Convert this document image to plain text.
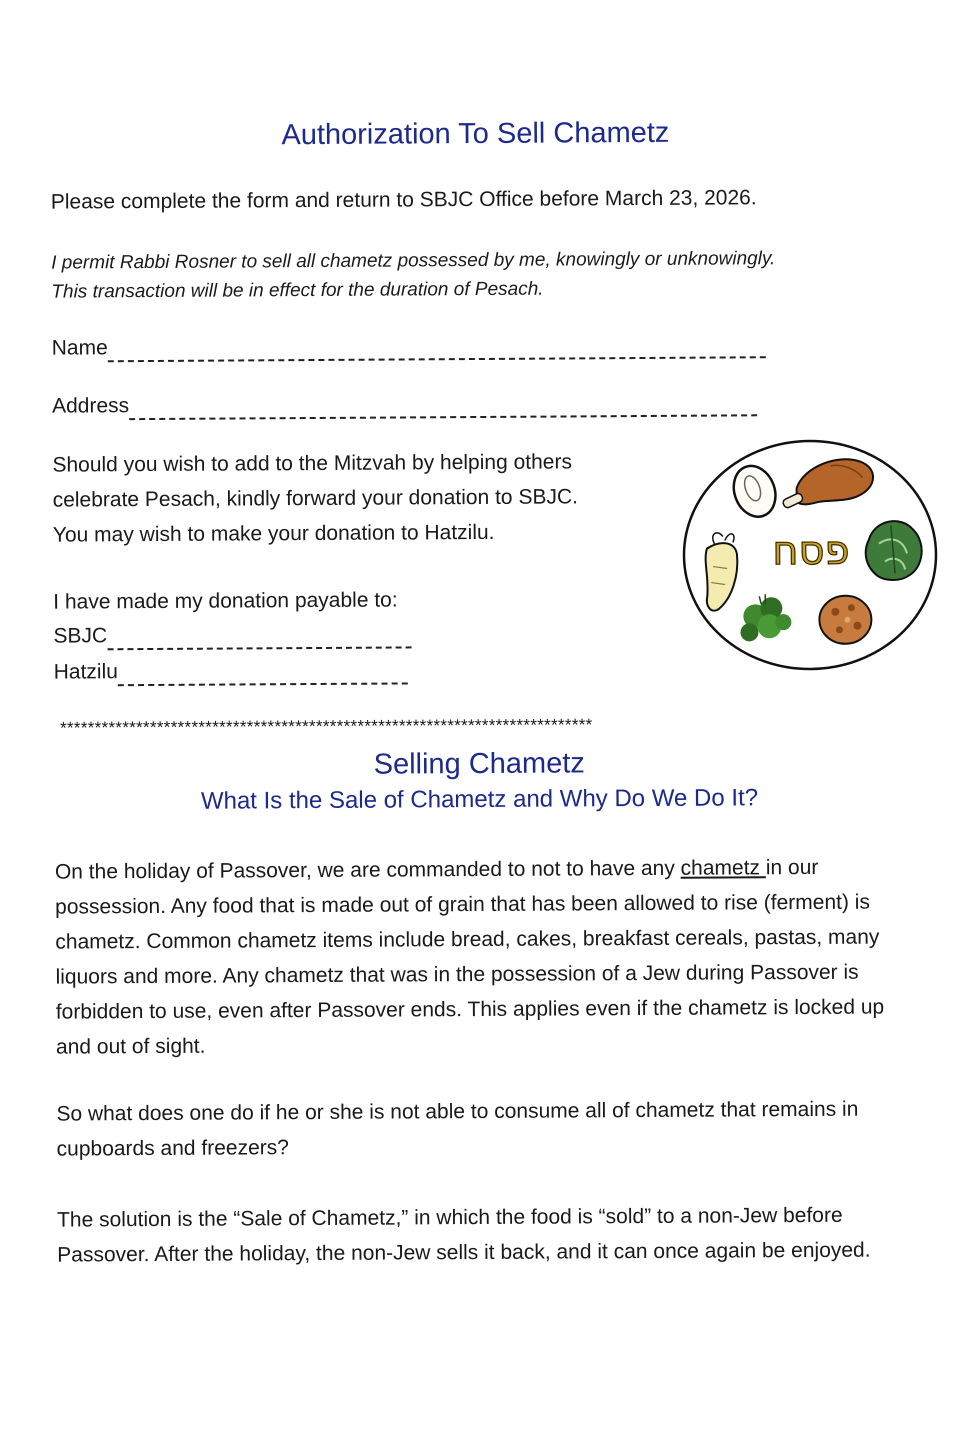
Authorization To Sell Chametz
Please complete the form and return to SBJC Office before March 23, 2026.
I permit Rabbi Rosner to sell all chametz possessed by me, knowingly or unknowingly.
This transaction will be in effect for the duration of Pesach.
Name
Address
Should you wish to add to the Mitzvah by helping others
celebrate Pesach, kindly forward your donation to SBJC.
You may wish to make your donation to Hatzilu.
I have made my donation payable to:
SBJC
Hatzilu
פסח
*****************************************************************************
Selling Chametz
What Is the Sale of Chametz and Why Do We Do It?
On the holiday of Passover, we are commanded to not to have any chametz in our possession. Any food that is made out of grain that has been allowed to rise (ferment) is chametz. Common chametz items include bread, cakes, breakfast cereals, pastas, many liquors and more. Any chametz that was in the possession of a Jew during Passover is forbidden to use, even after Passover ends. This applies even if the chametz is locked up and out of sight.
So what does one do if he or she is not able to consume all of chametz that remains in cupboards and freezers?
The solution is the “Sale of Chametz,” in which the food is “sold” to a non-Jew before Passover. After the holiday, the non-Jew sells it back, and it can once again be enjoyed.
